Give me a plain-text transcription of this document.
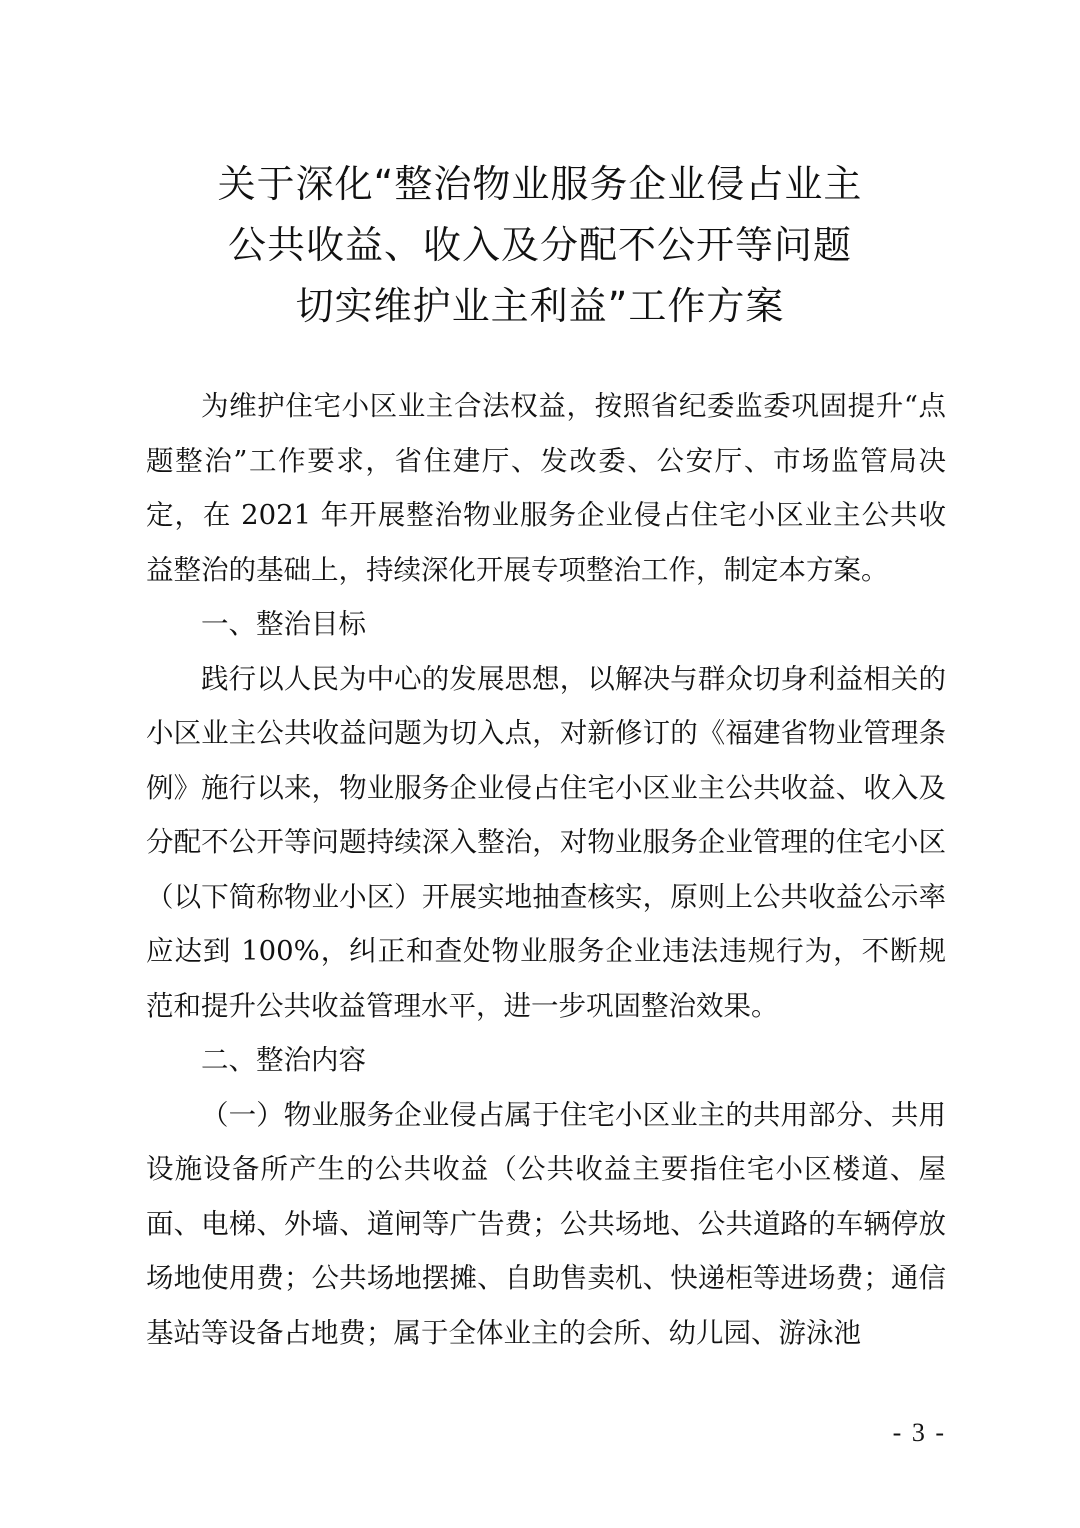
关于深化“整治物业服务企业侵占业主
公共收益、收入及分配不公开等问题
切实维护业主利益”工作方案

为维护住宅小区业主合法权益，按照省纪委监委巩固提升“点题整治”工作要求，省住建厅、发改委、公安厅、市场监管局决定，在 2021 年开展整治物业服务企业侵占住宅小区业主公共收益整治的基础上，持续深化开展专项整治工作，制定本方案。

一、整治目标

践行以人民为中心的发展思想，以解决与群众切身利益相关的小区业主公共收益问题为切入点，对新修订的《福建省物业管理条例》施行以来，物业服务企业侵占住宅小区业主公共收益、收入及分配不公开等问题持续深入整治，对物业服务企业管理的住宅小区（以下简称物业小区）开展实地抽查核实，原则上公共收益公示率应达到 100%，纠正和查处物业服务企业违法违规行为，不断规范和提升公共收益管理水平，进一步巩固整治效果。

二、整治内容

（一）物业服务企业侵占属于住宅小区业主的共用部分、共用设施设备所产生的公共收益（公共收益主要指住宅小区楼道、屋面、电梯、外墙、道闸等广告费；公共场地、公共道路的车辆停放场地使用费；公共场地摆摊、自助售卖机、快递柜等进场费；通信基站等设备占地费；属于全体业主的会所、幼儿园、游泳池

- 3 -
